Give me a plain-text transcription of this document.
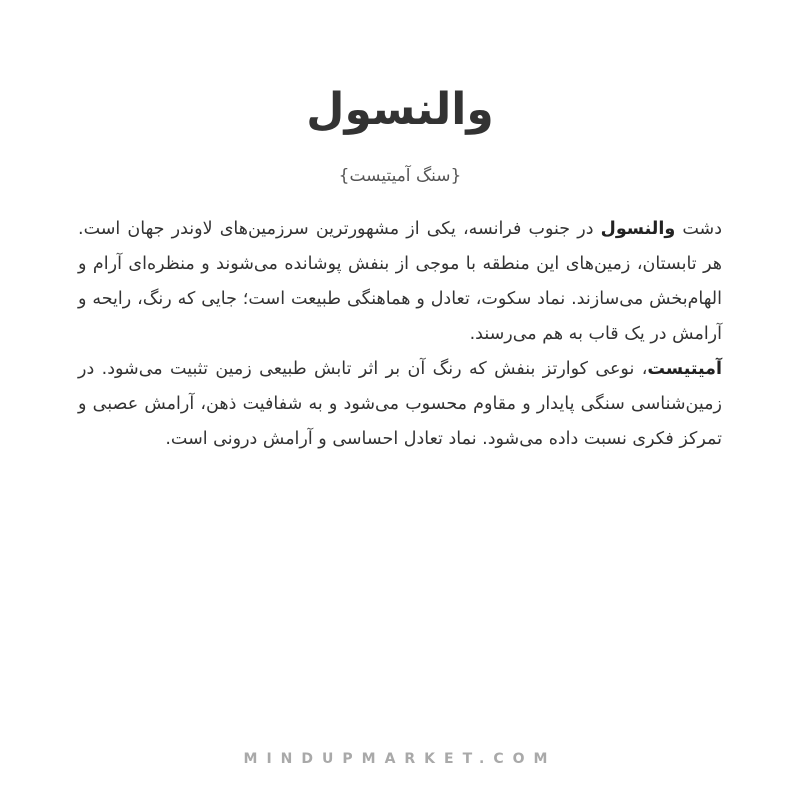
والنسول
{سنگ آمیتیست}

دشت والنسول در جنوب فرانسه، یکی از مشهورترین سرزمین‌های لاوندر جهان است. هر تابستان، زمین‌های این منطقه با موجی از بنفش پوشانده می‌شوند و منظره‌ای آرام و الهام‌بخش می‌سازند. نماد سکوت، تعادل و هماهنگی طبیعت است؛ جایی که رنگ، رایحه و آرامش در یک قاب به هم می‌رسند.

آمیتیست، نوعی کوارتز بنفش که رنگ آن بر اثر تابش طبیعی زمین تثبیت می‌شود. در زمین‌شناسی سنگی پایدار و مقاوم محسوب می‌شود و به شفافیت ذهن، آرامش عصبی و تمرکز فکری نسبت داده می‌شود. نماد تعادل احساسی و آرامش درونی است.

MINDUPMARKET.COM
